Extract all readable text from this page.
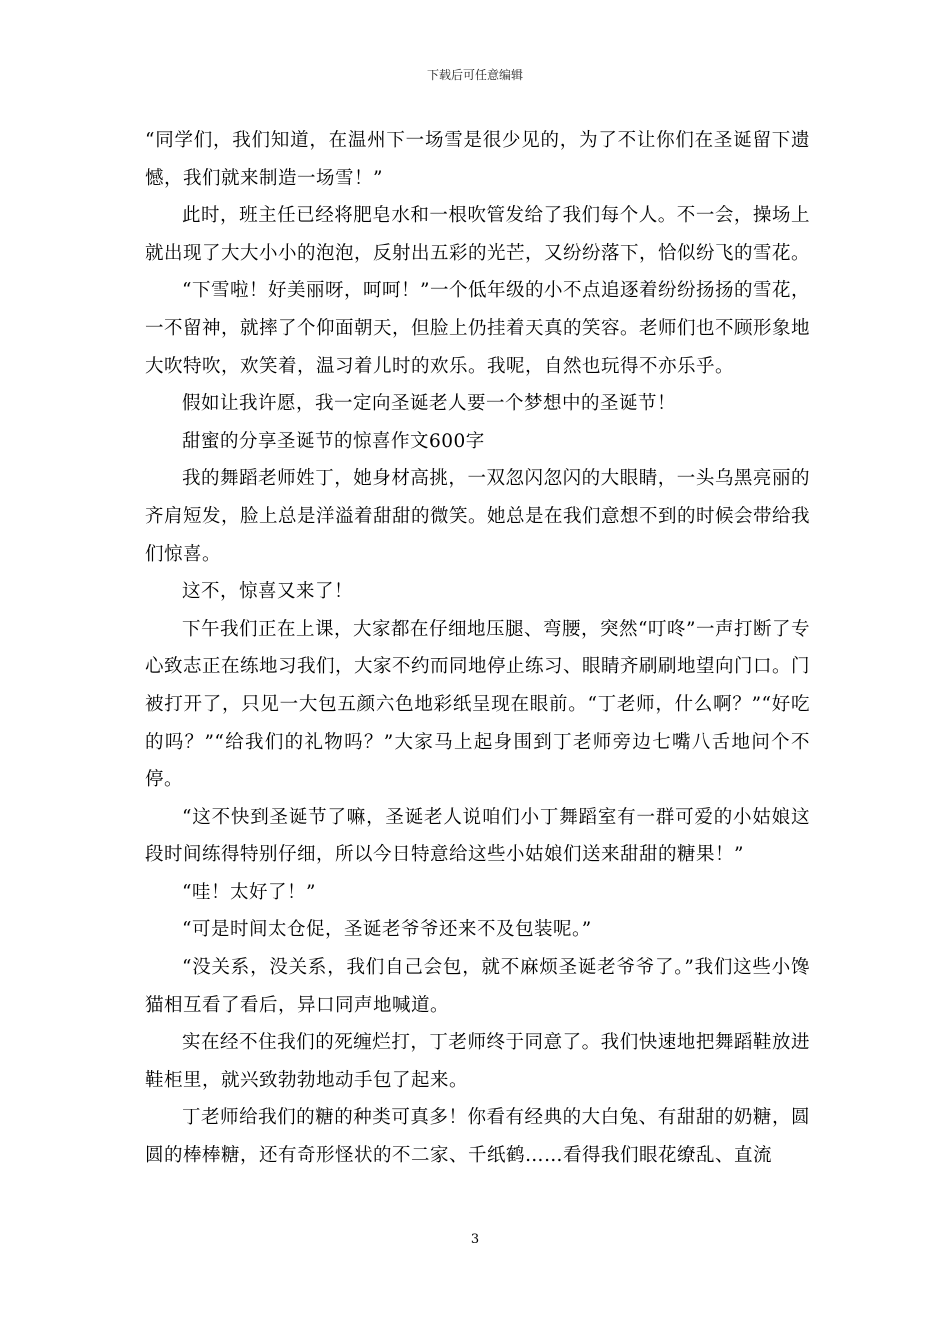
下载后可任意编辑

“同学们，我们知道，在温州下一场雪是很少见的，为了不让你们在圣诞留下遗憾，我们就来制造一场雪！”

此时，班主任已经将肥皂水和一根吹管发给了我们每个人。不一会，操场上就出现了大大小小的泡泡，反射出五彩的光芒，又纷纷落下，恰似纷飞的雪花。

“下雪啦！好美丽呀，呵呵！”一个低年级的小不点追逐着纷纷扬扬的雪花，一不留神，就摔了个仰面朝天，但脸上仍挂着天真的笑容。老师们也不顾形象地大吹特吹，欢笑着，温习着儿时的欢乐。我呢，自然也玩得不亦乐乎。

假如让我许愿，我一定向圣诞老人要一个梦想中的圣诞节！

甜蜜的分享圣诞节的惊喜作文600字

我的舞蹈老师姓丁，她身材高挑，一双忽闪忽闪的大眼睛，一头乌黑亮丽的齐肩短发，脸上总是洋溢着甜甜的微笑。她总是在我们意想不到的时候会带给我们惊喜。

这不，惊喜又来了！

下午我们正在上课，大家都在仔细地压腿、弯腰，突然“叮咚”一声打断了专心致志正在练地习我们，大家不约而同地停止练习、眼睛齐刷刷地望向门口。门被打开了，只见一大包五颜六色地彩纸呈现在眼前。“丁老师，什么啊？”“好吃的吗？”“给我们的礼物吗？”大家马上起身围到丁老师旁边七嘴八舌地问个不停。

“这不快到圣诞节了嘛，圣诞老人说咱们小丁舞蹈室有一群可爱的小姑娘这段时间练得特别仔细，所以今日特意给这些小姑娘们送来甜甜的糖果！”

“哇！太好了！”

“可是时间太仓促，圣诞老爷爷还来不及包装呢。”

“没关系，没关系，我们自己会包，就不麻烦圣诞老爷爷了。”我们这些小馋猫相互看了看后，异口同声地喊道。

实在经不住我们的死缠烂打，丁老师终于同意了。我们快速地把舞蹈鞋放进鞋柜里，就兴致勃勃地动手包了起来。

丁老师给我们的糖的种类可真多！你看有经典的大白兔、有甜甜的奶糖，圆圆的棒棒糖，还有奇形怪状的不二家、千纸鹤……看得我们眼花缭乱、直流

3
